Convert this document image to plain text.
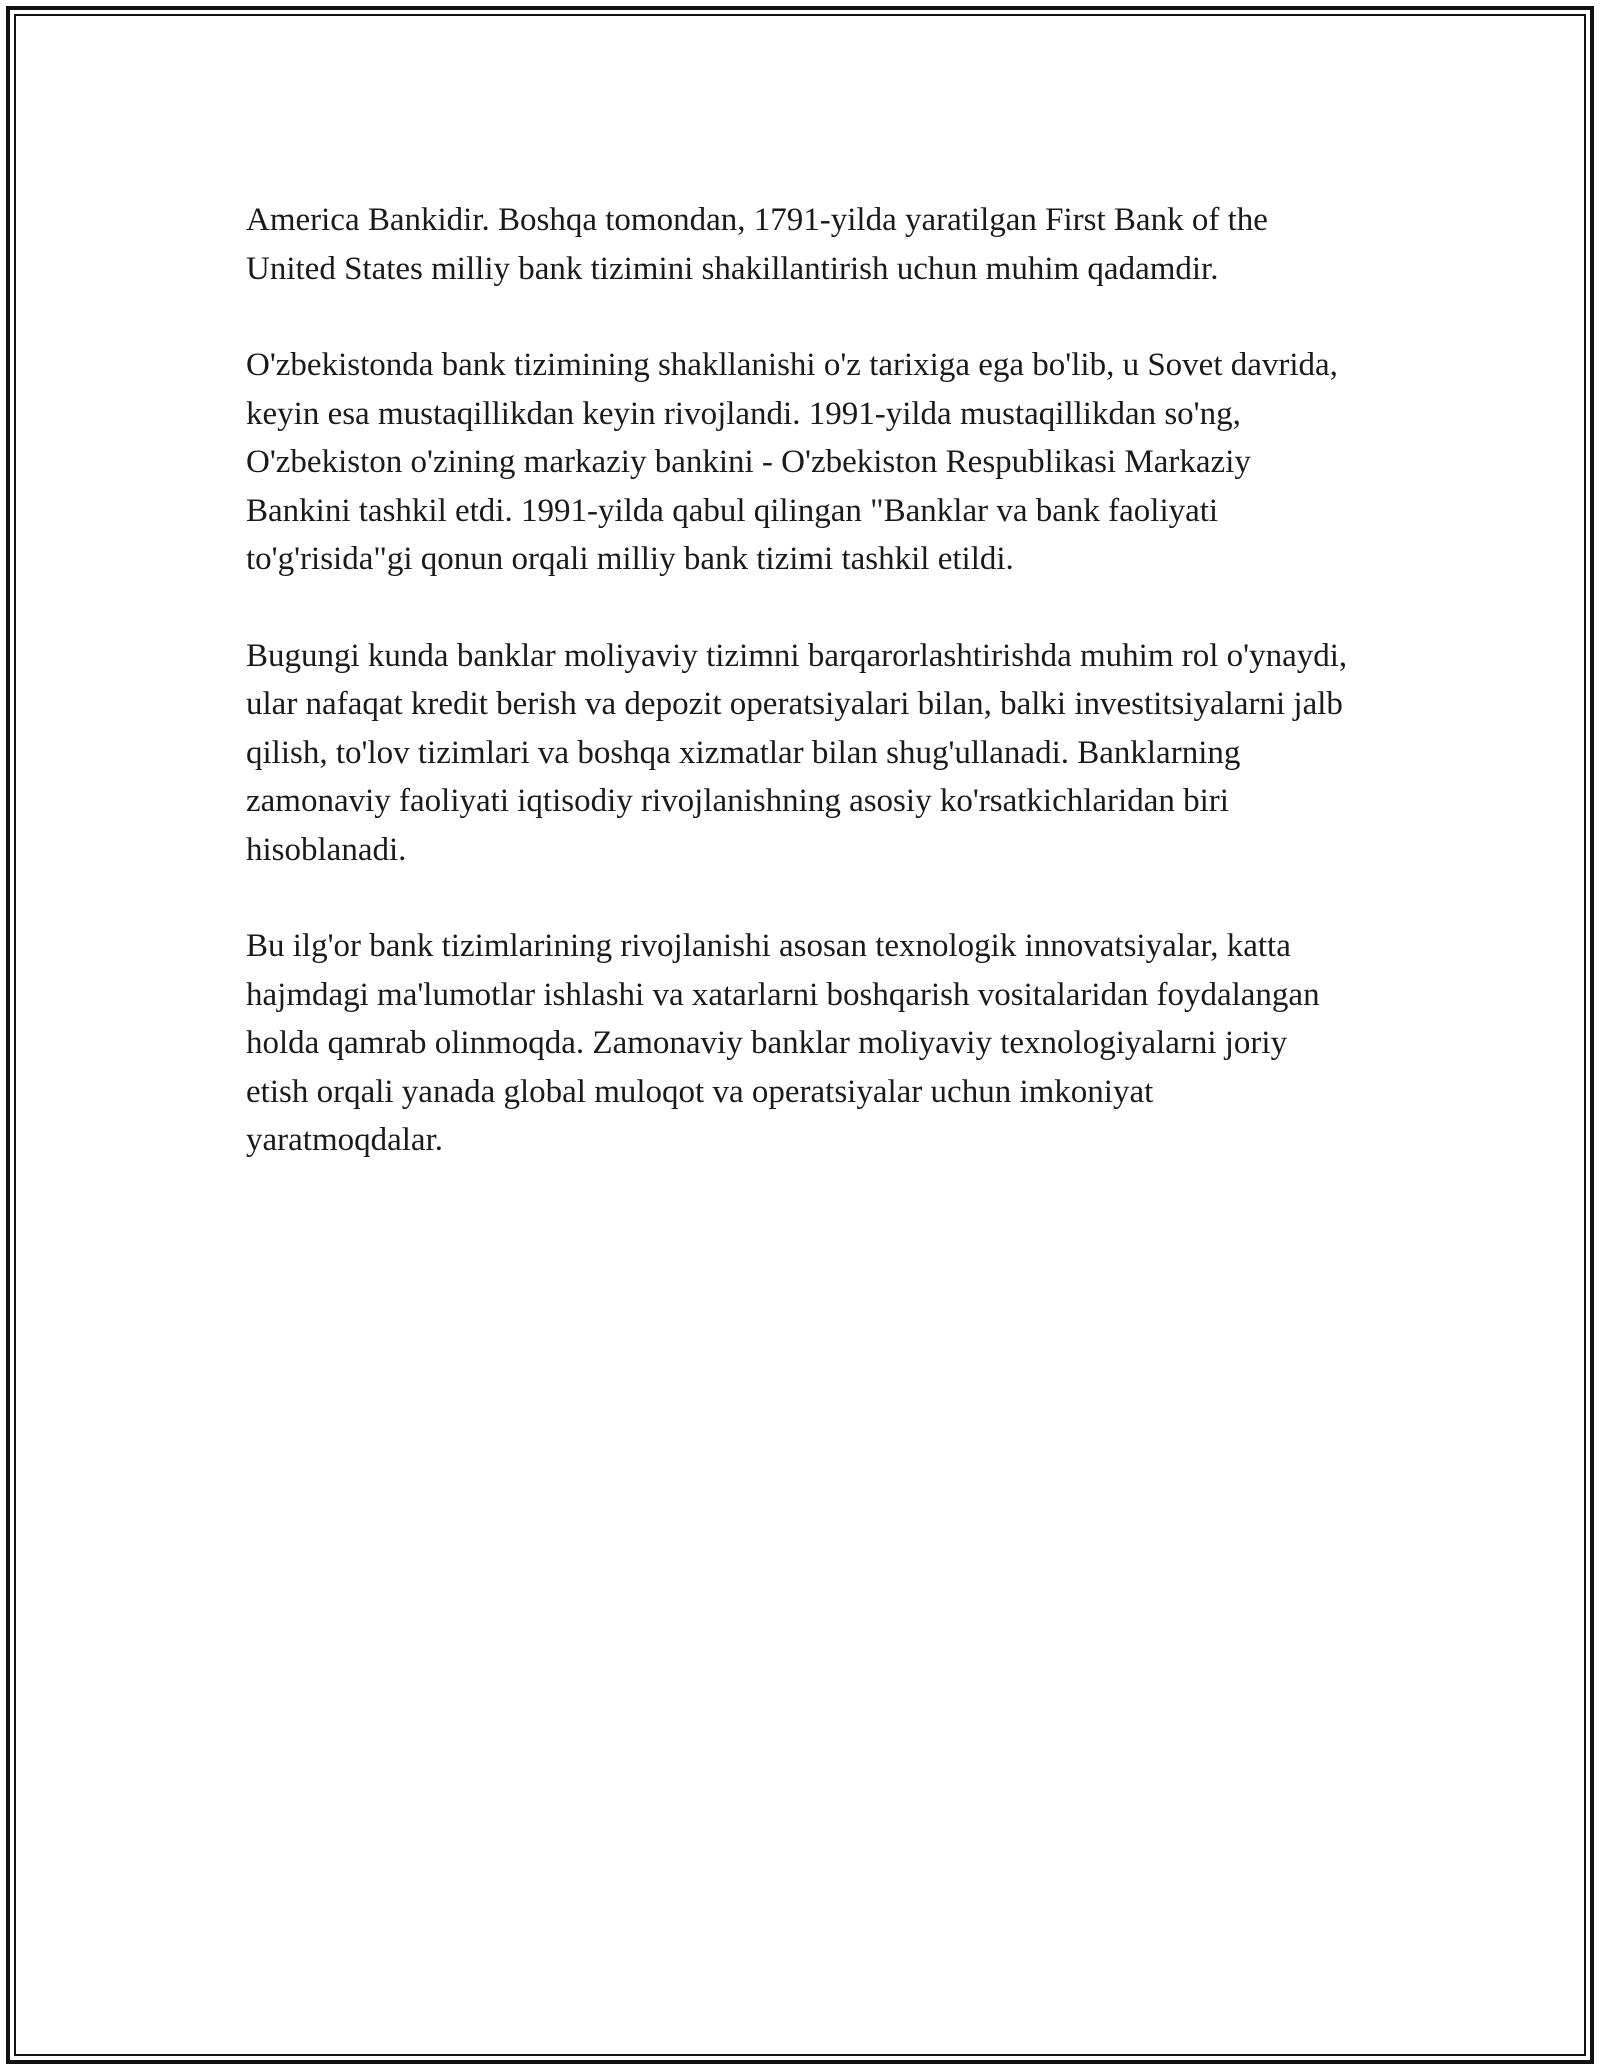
America Bankidir. Boshqa tomondan, 1791-yilda yaratilgan First Bank of the United States milliy bank tizimini shakillantirish uchun muhim qadamdir.

O'zbekistonda bank tizimining shakllanishi o'z tarixiga ega bo'lib, u Sovet davrida, keyin esa mustaqillikdan keyin rivojlandi. 1991-yilda mustaqillikdan so'ng, O'zbekiston o'zining markaziy bankini - O'zbekiston Respublikasi Markaziy Bankini tashkil etdi. 1991-yilda qabul qilingan "Banklar va bank faoliyati to'g'risida"gi qonun orqali milliy bank tizimi tashkil etildi.

Bugungi kunda banklar moliyaviy tizimni barqarorlashtirishda muhim rol o'ynaydi, ular nafaqat kredit berish va depozit operatsiyalari bilan, balki investitsiyalarni jalb qilish, to'lov tizimlari va boshqa xizmatlar bilan shug'ullanadi. Banklarning zamonaviy faoliyati iqtisodiy rivojlanishning asosiy ko'rsatkichlaridan biri hisoblanadi.

Bu ilg'or bank tizimlarining rivojlanishi asosan texnologik innovatsiyalar, katta hajmdagi ma'lumotlar ishlashi va xatarlarni boshqarish vositalaridan foydalangan holda qamrab olinmoqda. Zamonaviy banklar moliyaviy texnologiyalarni joriy etish orqali yanada global muloqot va operatsiyalar uchun imkoniyat yaratmoqdalar.
